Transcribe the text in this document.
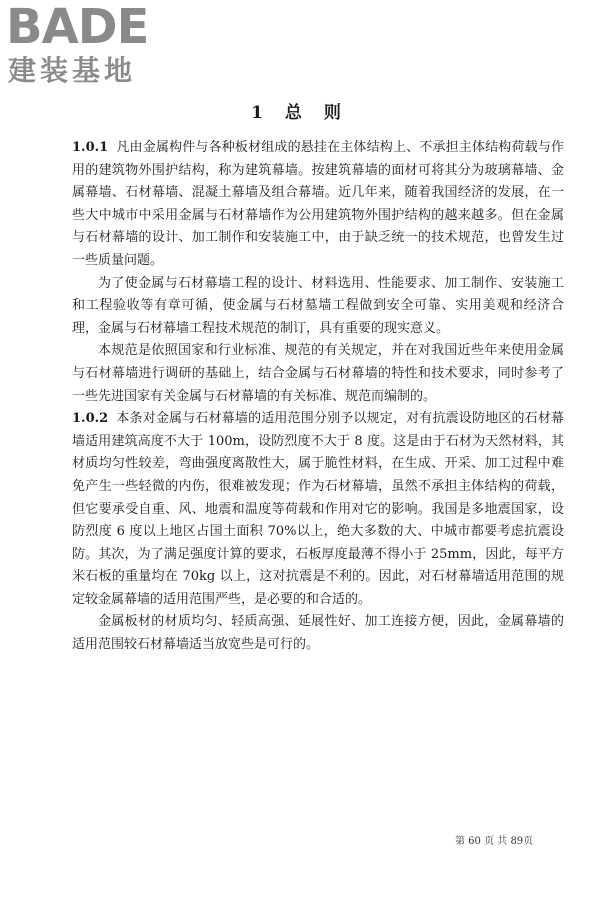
BADE
建装基地
1 总 则

1.0.1 凡由金属构件与各种板材组成的悬挂在主体结构上、不承担主体结构荷载与作用的建筑物外围护结构，称为建筑幕墙。按建筑幕墙的面材可将其分为玻璃幕墙、金属幕墙、石材幕墙、混凝土幕墙及组合幕墙。近几年来，随着我国经济的发展，在一些大中城市中采用金属与石材幕墙作为公用建筑物外围护结构的越来越多。但在金属与石材幕墙的设计、加工制作和安装施工中，由于缺乏统一的技术规范，也曾发生过一些质量问题。

为了使金属与石材幕墙工程的设计、材料选用、性能要求、加工制作、安装施工和工程验收等有章可循，使金属与石材墓墙工程做到安全可靠、实用美观和经济合理，金属与石材幕墙工程技术规范的制订，具有重要的现实意义。

本规范是依照国家和行业标准、规范的有关规定，并在对我国近些年来使用金属与石材幕墙进行调研的基础上，结合金属与石材幕墙的特性和技术要求，同时参考了一些先进国家有关金属与石材幕墙的有关标准、规范而编制的。

1.0.2 本条对金属与石材幕墙的适用范围分别予以规定，对有抗震设防地区的石材幕墙适用建筑高度不大于 100m，设防烈度不大于 8 度。这是由于石材为天然材料，其材质均匀性较差，弯曲强度离散性大，属于脆性材料，在生成、开采、加工过程中难免产生一些轻微的内伤，很难被发现；作为石材幕墙，虽然不承担主体结构的荷载，但它要承受自重、风、地震和温度等荷载和作用对它的影响。我国是多地震国家，设防烈度 6 度以上地区占国土面积 70%以上，绝大多数的大、中城市都要考虑抗震设防。其次，为了满足强度计算的要求，石板厚度最薄不得小于 25mm，因此，每平方米石板的重量均在 70kg 以上，这对抗震是不利的。因此，对石材幕墙适用范围的规定较金属幕墙的适用范围严些，是必要的和合适的。

金属板材的材质均匀、轻质高强、延展性好、加工连接方便，因此，金属幕墙的适用范围较石材幕墙适当放宽些是可行的。

第 60 页 共 89页
